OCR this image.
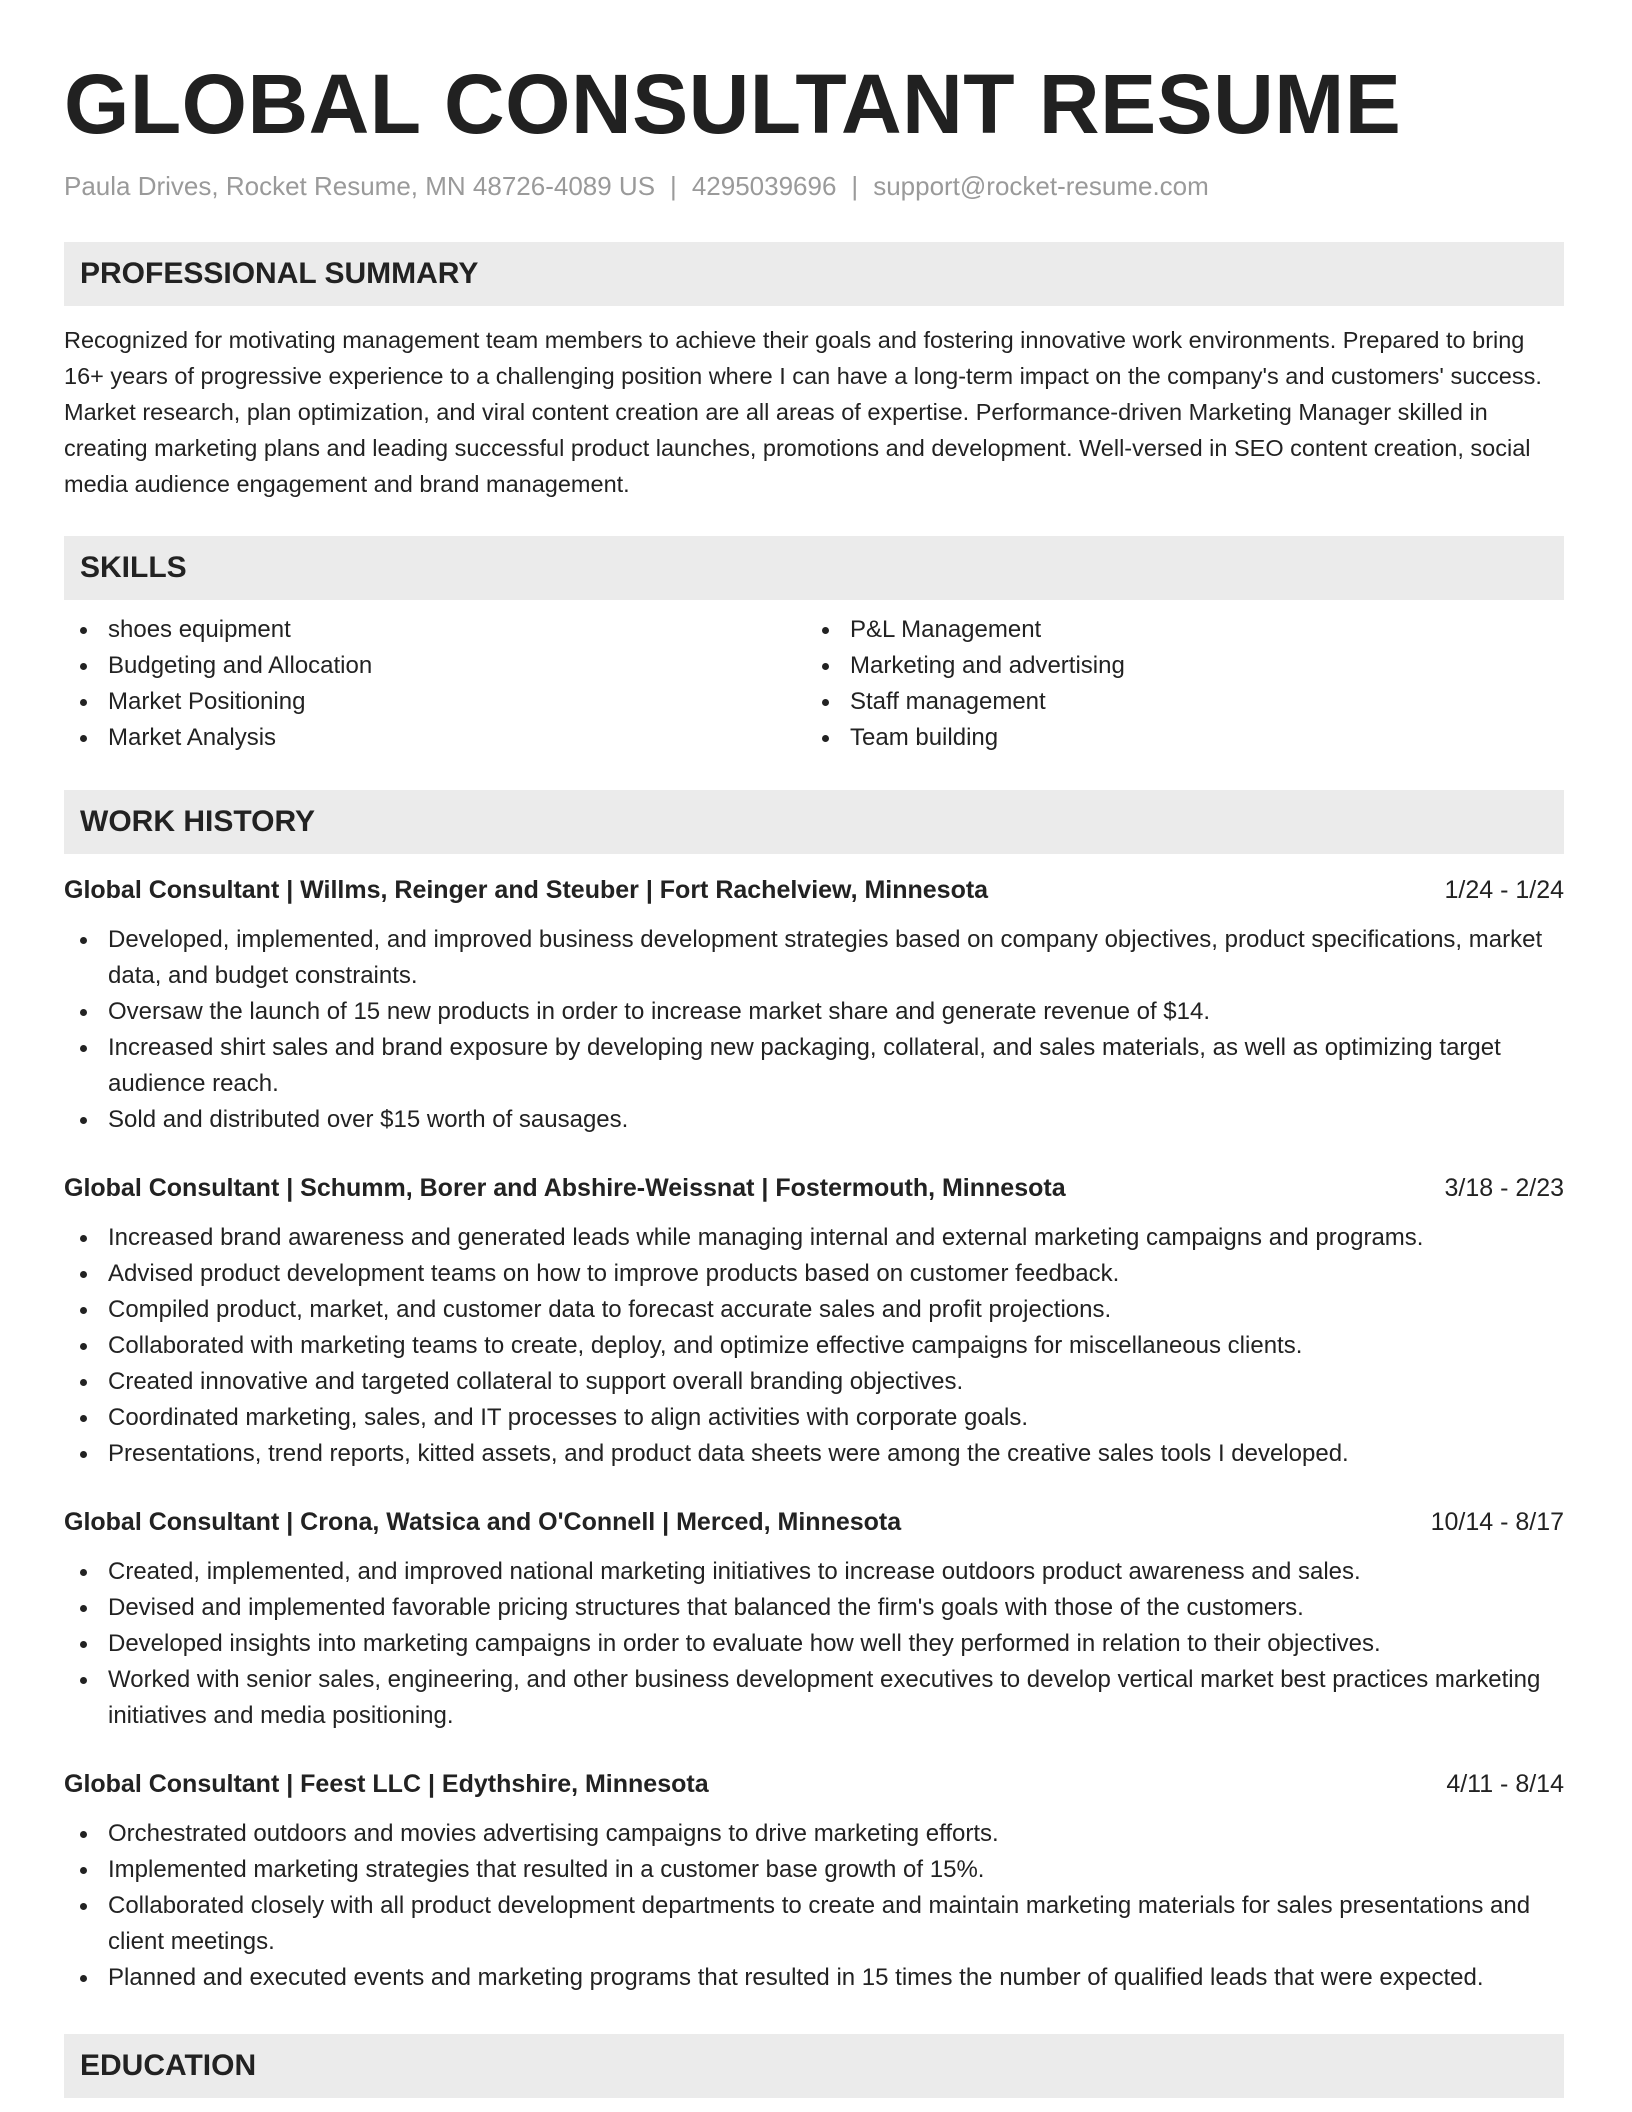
GLOBAL CONSULTANT RESUME
Paula Drives, Rocket Resume, MN 48726-4089 US | 4295039696 | support@rocket-resume.com
PROFESSIONAL SUMMARY
Recognized for motivating management team members to achieve their goals and fostering innovative work environments. Prepared to bring 16+ years of progressive experience to a challenging position where I can have a long-term impact on the company's and customers' success. Market research, plan optimization, and viral content creation are all areas of expertise. Performance-driven Marketing Manager skilled in creating marketing plans and leading successful product launches, promotions and development. Well-versed in SEO content creation, social media audience engagement and brand management.
SKILLS
shoes equipment
Budgeting and Allocation
Market Positioning
Market Analysis
P&L Management
Marketing and advertising
Staff management
Team building
WORK HISTORY
Global Consultant | Willms, Reinger and Steuber | Fort Rachelview, Minnesota	1/24 - 1/24
Developed, implemented, and improved business development strategies based on company objectives, product specifications, market data, and budget constraints.
Oversaw the launch of 15 new products in order to increase market share and generate revenue of $14.
Increased shirt sales and brand exposure by developing new packaging, collateral, and sales materials, as well as optimizing target audience reach.
Sold and distributed over $15 worth of sausages.
Global Consultant | Schumm, Borer and Abshire-Weissnat | Fostermouth, Minnesota	3/18 - 2/23
Increased brand awareness and generated leads while managing internal and external marketing campaigns and programs.
Advised product development teams on how to improve products based on customer feedback.
Compiled product, market, and customer data to forecast accurate sales and profit projections.
Collaborated with marketing teams to create, deploy, and optimize effective campaigns for miscellaneous clients.
Created innovative and targeted collateral to support overall branding objectives.
Coordinated marketing, sales, and IT processes to align activities with corporate goals.
Presentations, trend reports, kitted assets, and product data sheets were among the creative sales tools I developed.
Global Consultant | Crona, Watsica and O'Connell | Merced, Minnesota	10/14 - 8/17
Created, implemented, and improved national marketing initiatives to increase outdoors product awareness and sales.
Devised and implemented favorable pricing structures that balanced the firm's goals with those of the customers.
Developed insights into marketing campaigns in order to evaluate how well they performed in relation to their objectives.
Worked with senior sales, engineering, and other business development executives to develop vertical market best practices marketing initiatives and media positioning.
Global Consultant | Feest LLC | Edythshire, Minnesota	4/11 - 8/14
Orchestrated outdoors and movies advertising campaigns to drive marketing efforts.
Implemented marketing strategies that resulted in a customer base growth of 15%.
Collaborated closely with all product development departments to create and maintain marketing materials for sales presentations and client meetings.
Planned and executed events and marketing programs that resulted in 15 times the number of qualified leads that were expected.
EDUCATION
